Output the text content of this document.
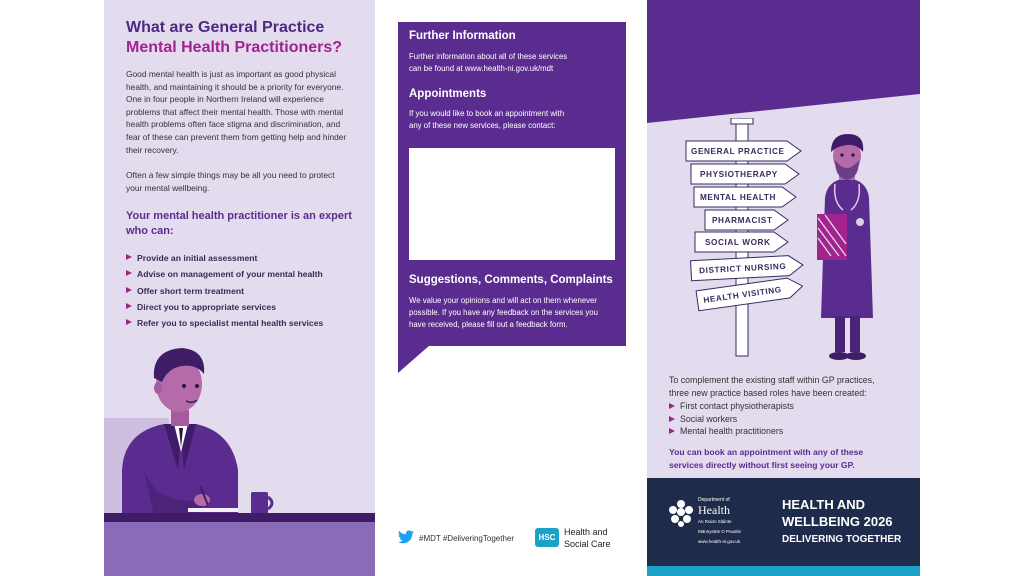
What are General Practice
Mental Health Practitioners?
Good mental health is just as important as good physical
health, and maintaining it should be a priority for everyone.
One in four people in Northern Ireland will experience
problems that affect their mental health. Those with mental
health problems often face stigma and discrimination, and
fear of these can prevent them from getting help and hinder
their recovery.
Often a few simple things may be all you need to protect
your mental wellbeing.
Your mental health practitioner is an expert
who can:
Provide an initial assessment
Advise on management of your mental health
Offer short term treatment
Direct you to appropriate services
Refer you to specialist mental health services
Further Information
Further information about all of these services
can be found at www.health-ni.gov.uk/mdt
Appointments
If you would like to book an appointment with
any of these new services, please contact:
Suggestions, Comments, Complaints
We value your opinions and will act on them whenever
possible. If you have any feedback on the services you
have received, please fill out a feedback form.
#MDT #DeliveringTogether	HSC
Health and
Social Care
GENERAL PRACTICE
PHYSIOTHERAPY
MENTAL HEALTH
PHARMACIST
SOCIAL WORK
DISTRICT NURSING
HEALTH VISITING
To complement the existing staff within GP practices,
three new practice based roles have been created:
First contact physiotherapists
Social workers
Mental health practitioners
You can book an appointment with any of these
services directly without first seeing your GP.
Department of
Health
An Roinn Sláinte
Männystrie O Poustie
www.health-ni.gov.uk
HEALTH AND
WELLBEING 2026
DELIVERING TOGETHER
